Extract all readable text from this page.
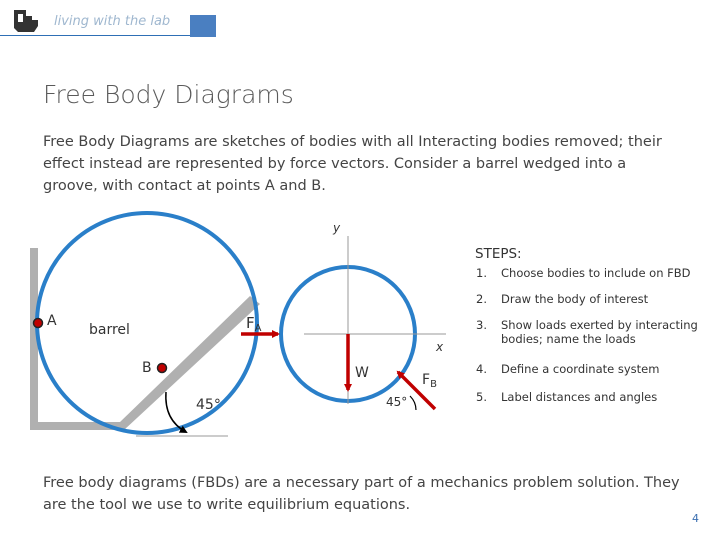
living with the lab
Free Body Diagrams
Free Body Diagrams are sketches of bodies with all Interacting bodies removed; their effect instead are represented by force vectors. Consider a barrel wedged into a groove, with contact at points A and B.
45°
A
B
barrel
y
x
$F_A$
W	$F_B$
45°
STEPS:
1.	Choose bodies to include on FBD
2.	Draw the body of interest
3.	Show loads exerted by interacting bodies; name the loads
4.	Define a coordinate system
5.	Label distances and angles
Free body diagrams (FBDs) are a necessary part of a mechanics problem solution. They are the tool we use to write equilibrium equations.
4
